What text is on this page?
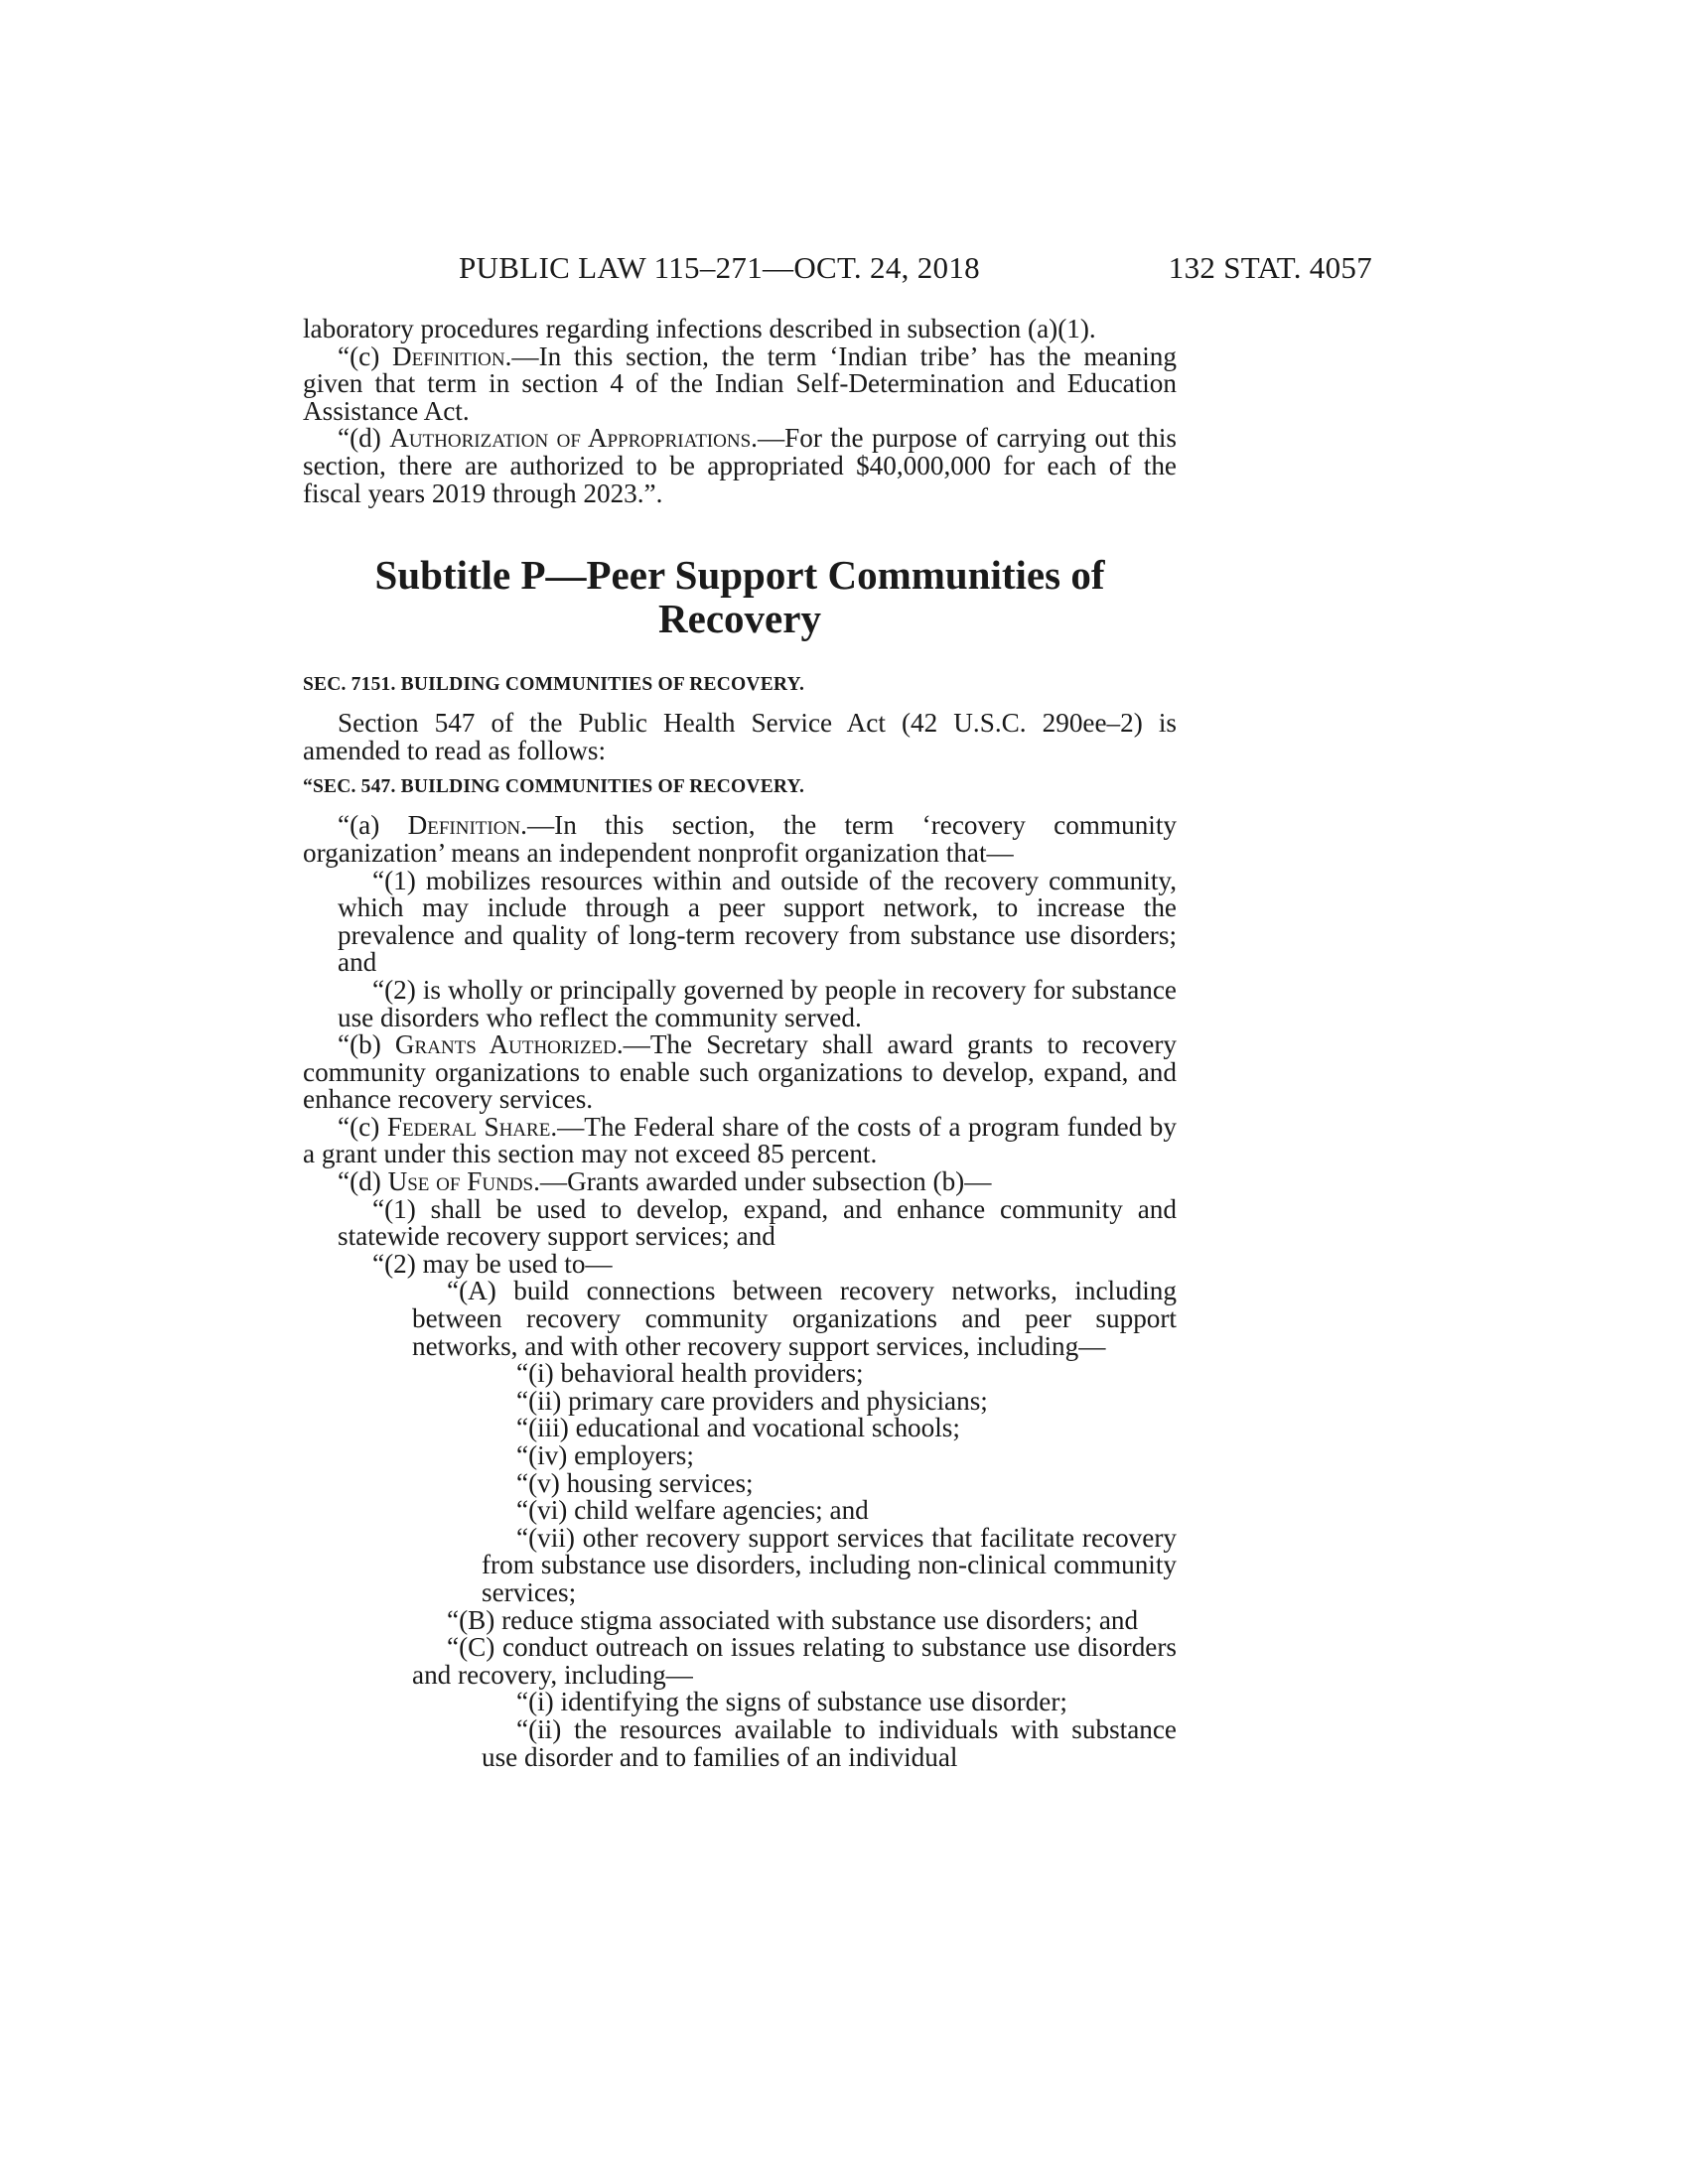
PUBLIC LAW 115–271—OCT. 24, 2018	132 STAT. 4057

laboratory procedures regarding infections described in subsection (a)(1).

“(c) Definition.—In this section, the term ‘Indian tribe’ has the meaning given that term in section 4 of the Indian Self-Determination and Education Assistance Act.

“(d) Authorization of Appropriations.—For the purpose of carrying out this section, there are authorized to be appropriated $40,000,000 for each of the fiscal years 2019 through 2023.”.

Subtitle P—Peer Support Communities of
Recovery
SEC. 7151. BUILDING COMMUNITIES OF RECOVERY.

Section 547 of the Public Health Service Act (42 U.S.C. 290ee–2) is amended to read as follows:

“SEC. 547. BUILDING COMMUNITIES OF RECOVERY.

“(a) Definition.—In this section, the term ‘recovery community organization’ means an independent nonprofit organization that—

“(1) mobilizes resources within and outside of the recovery community, which may include through a peer support network, to increase the prevalence and quality of long-term recovery from substance use disorders; and

“(2) is wholly or principally governed by people in recovery for substance use disorders who reflect the community served.

“(b) Grants Authorized.—The Secretary shall award grants to recovery community organizations to enable such organizations to develop, expand, and enhance recovery services.

“(c) Federal Share.—The Federal share of the costs of a program funded by a grant under this section may not exceed 85 percent.

“(d) Use of Funds.—Grants awarded under subsection (b)—

“(1) shall be used to develop, expand, and enhance community and statewide recovery support services; and

“(2) may be used to—

“(A) build connections between recovery networks, including between recovery community organizations and peer support networks, and with other recovery support services, including—

“(i) behavioral health providers;

“(ii) primary care providers and physicians;

“(iii) educational and vocational schools;

“(iv) employers;

“(v) housing services;

“(vi) child welfare agencies; and

“(vii) other recovery support services that facilitate recovery from substance use disorders, including non-clinical community services;

“(B) reduce stigma associated with substance use disorders; and

“(C) conduct outreach on issues relating to substance use disorders and recovery, including—

“(i) identifying the signs of substance use disorder;

“(ii) the resources available to individuals with substance use disorder and to families of an individual
